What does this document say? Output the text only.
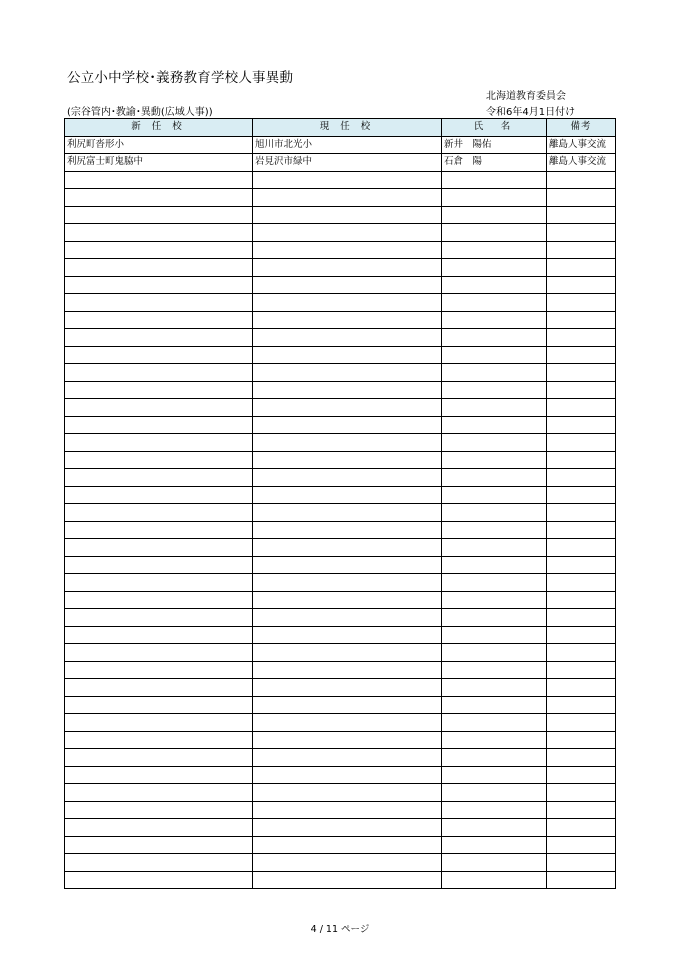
公立小中学校･義務教育学校人事異動
北海道教育委員会
(宗谷管内･教諭･異動(広域人事))	令和6年4月1日付け
新 任 校	現 任 校	氏　名	備考
利尻町沓形小	旭川市北光小	新井　陽佑	離島人事交流
利尻富士町鬼脇中	岩見沢市緑中	石倉　陽	離島人事交流

4 / 11 ページ
